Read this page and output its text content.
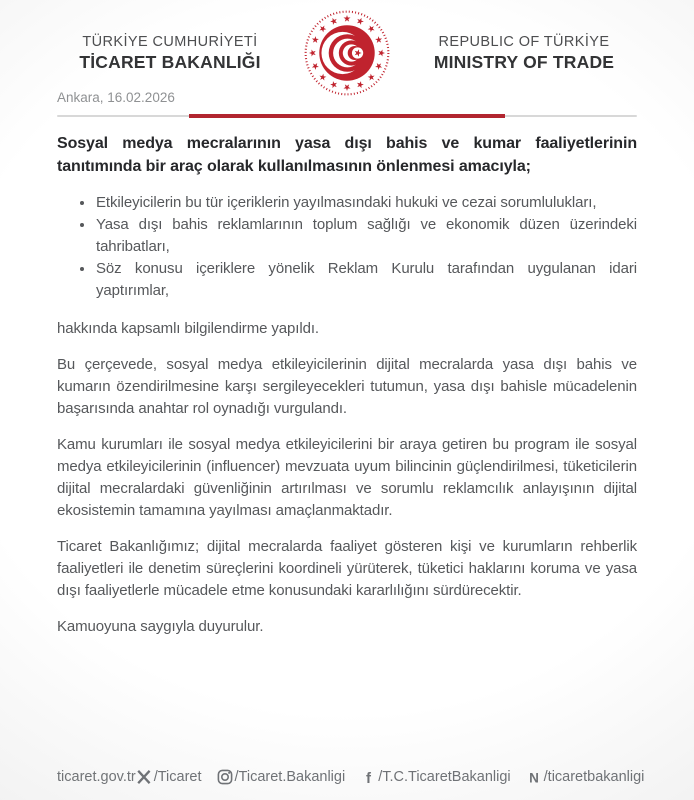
TÜRKİYE CUMHURİYETİ
TİCARET BAKANLIĞI
REPUBLIC OF TÜRKİYE
MINISTRY OF TRADE
Ankara, 16.02.2026

Sosyal medya mecralarının yasa dışı bahis ve kumar faaliyetlerinin tanıtımında bir araç olarak kullanılmasının önlenmesi amacıyla;

• Etkileyicilerin bu tür içeriklerin yayılmasındaki hukuki ve cezai sorumlulukları,
• Yasa dışı bahis reklamlarının toplum sağlığı ve ekonomik düzen üzerindeki tahribatları,
• Söz konusu içeriklere yönelik Reklam Kurulu tarafından uygulanan idari yaptırımlar,

hakkında kapsamlı bilgilendirme yapıldı.

Bu çerçevede, sosyal medya etkileyicilerinin dijital mecralarda yasa dışı bahis ve kumarın özendirilmesine karşı sergileyecekleri tutumun, yasa dışı bahisle mücadelenin başarısında anahtar rol oynadığı vurgulandı.

Kamu kurumları ile sosyal medya etkileyicilerini bir araya getiren bu program ile sosyal medya etkileyicilerinin (influencer) mevzuata uyum bilincinin güçlendirilmesi, tüketicilerin dijital mecralardaki güvenliğinin artırılması ve sorumlu reklamcılık anlayışının dijital ekosistemin tamamına yayılması amaçlanmaktadır.

Ticaret Bakanlığımız; dijital mecralarda faaliyet gösteren kişi ve kurumların rehberlik faaliyetleri ile denetim süreçlerini koordineli yürüterek, tüketici haklarını koruma ve yasa dışı faaliyetlerle mücadele etme konusundaki kararlılığını sürdürecektir.

Kamuoyuna saygıyla duyurulur.

ticaret.gov.tr /Ticaret /Ticaret.Bakanligi f /T.C.TicaretBakanligi N /ticaretbakanligi
